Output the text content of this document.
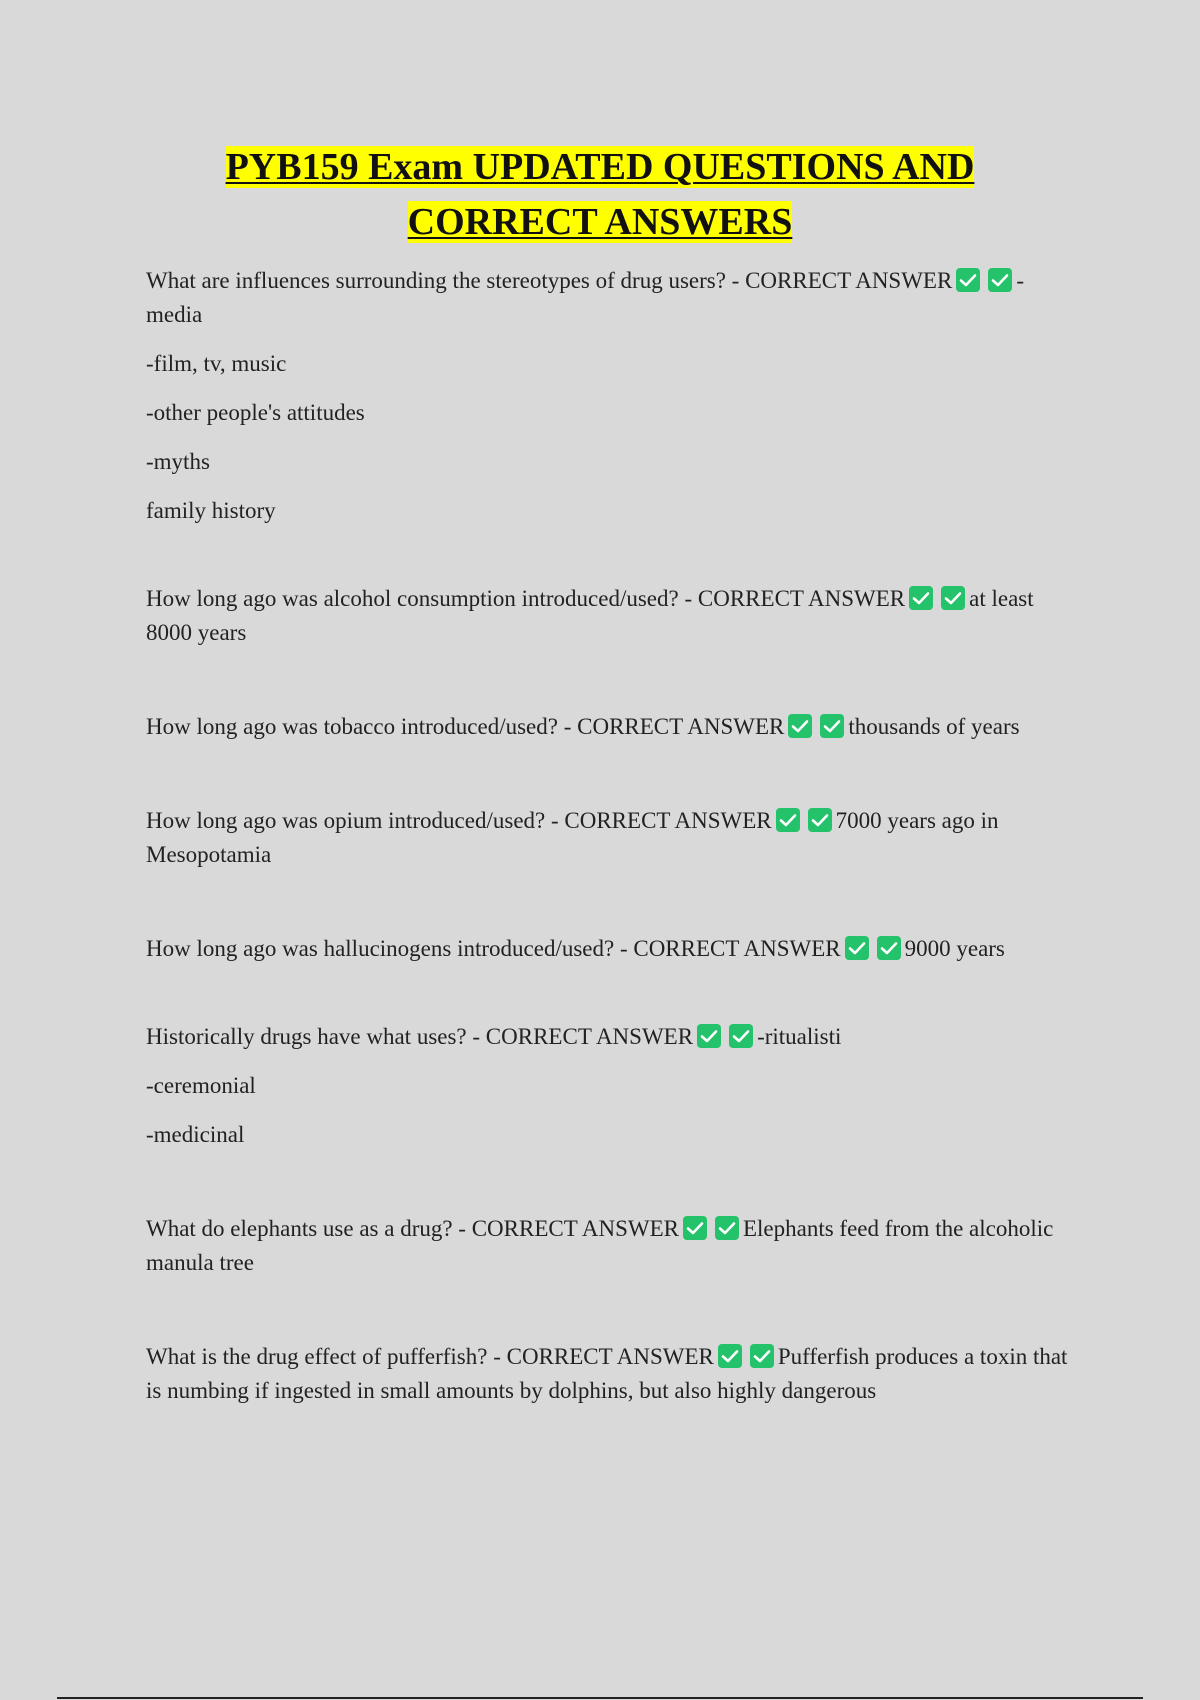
PYB159 Exam UPDATED QUESTIONS AND
CORRECT ANSWERS

What are influences surrounding the stereotypes of drug users? - CORRECT ANSWER	-media

-film, tv, music

-other people's attitudes

-myths

family history

How long ago was alcohol consumption introduced/used? - CORRECT ANSWER	at least 8000 years

How long ago was tobacco introduced/used? - CORRECT ANSWER	thousands of years

How long ago was opium introduced/used? - CORRECT ANSWER	7000 years ago in Mesopotamia

How long ago was hallucinogens introduced/used? - CORRECT ANSWER	9000 years

Historically drugs have what uses? - CORRECT ANSWER	-ritualisti

-ceremonial

-medicinal

What do elephants use as a drug? - CORRECT ANSWER	Elephants feed from the alcoholic manula tree

What is the drug effect of pufferfish? - CORRECT ANSWER	Pufferfish produces a toxin that is numbing if ingested in small amounts by dolphins, but also highly dangerous
